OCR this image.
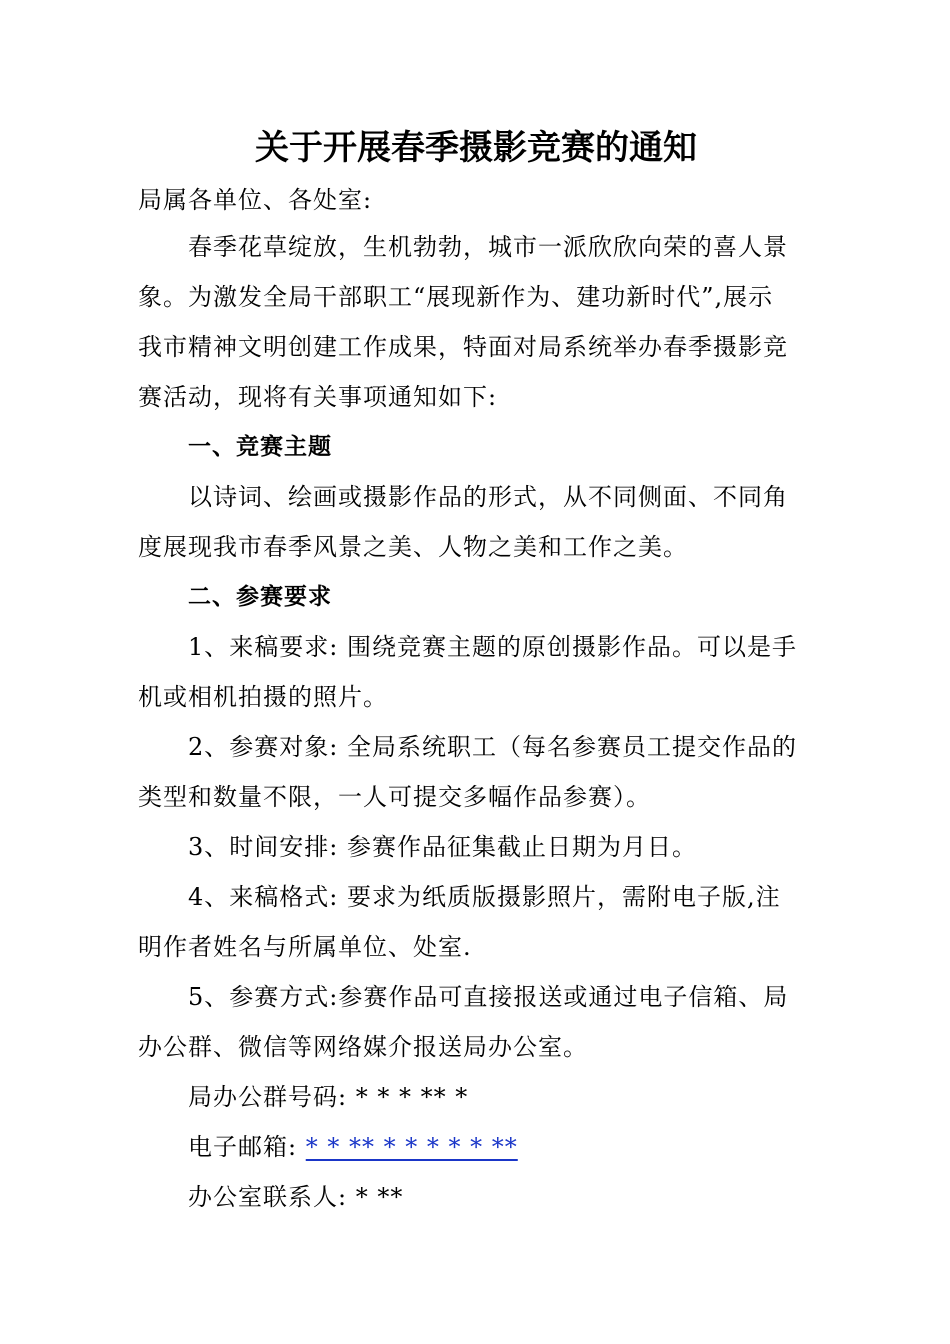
关于开展春季摄影竞赛的通知

局属各单位、各处室:

春季花草绽放，生机勃勃，城市一派欣欣向荣的喜人景

象。为激发全局干部职工“展现新作为、建功新时代”,展示

我市精神文明创建工作成果，特面对局系统举办春季摄影竞

赛活动，现将有关事项通知如下:

一、竞赛主题

以诗词、绘画或摄影作品的形式，从不同侧面、不同角

度展现我市春季风景之美、人物之美和工作之美。

二、参赛要求

1、来稿要求: 围绕竞赛主题的原创摄影作品。可以是手

机或相机拍摄的照片。

2、参赛对象: 全局系统职工（每名参赛员工提交作品的

类型和数量不限，一人可提交多幅作品参赛）。

3、时间安排: 参赛作品征集截止日期为月日。

4、来稿格式: 要求为纸质版摄影照片，需附电子版,注

明作者姓名与所属单位、处室.

5、参赛方式:参赛作品可直接报送或通过电子信箱、局

办公群、微信等网络媒介报送局办公室。

局办公群号码: * * * ** *

电子邮箱: * * ** * * * * * **

办公室联系人: * **
